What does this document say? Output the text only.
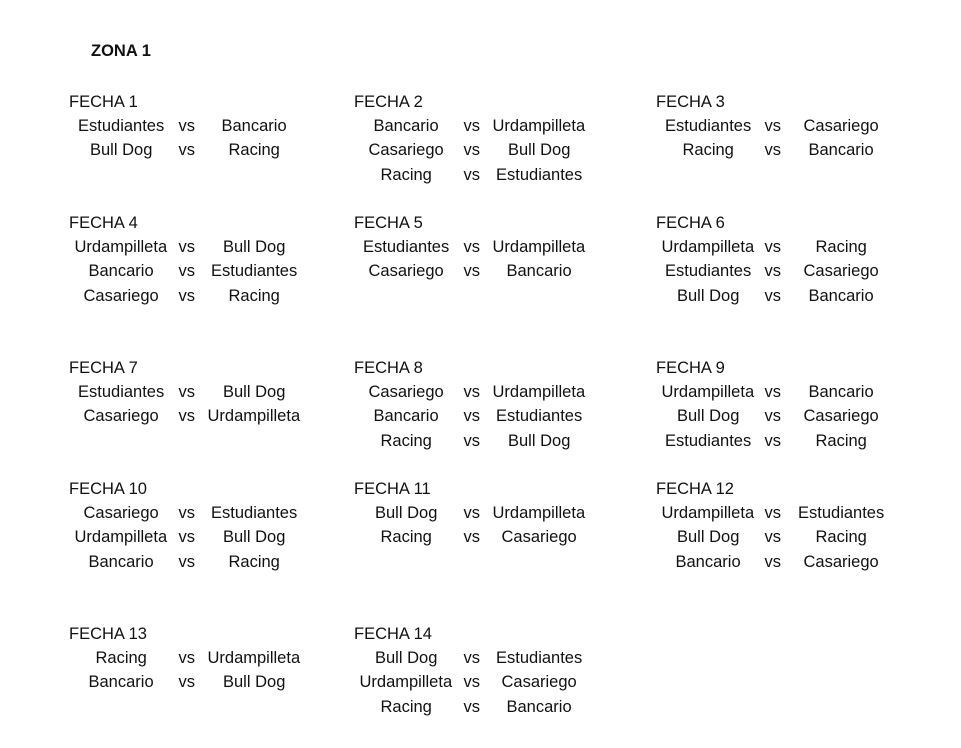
ZONA 1
FECHA 1
Estudiantes vs Bancario
Bull Dog vs Racing
FECHA 2
Bancario vs Urdampilleta
Casariego vs Bull Dog
Racing vs Estudiantes
FECHA 3
Estudiantes vs Casariego
Racing vs Bancario
FECHA 4
Urdampilleta vs Bull Dog
Bancario vs Estudiantes
Casariego vs Racing
FECHA 5
Estudiantes vs Urdampilleta
Casariego vs Bancario
FECHA 6
Urdampilleta vs Racing
Estudiantes vs Casariego
Bull Dog vs Bancario
FECHA 7
Estudiantes vs Bull Dog
Casariego vs Urdampilleta
FECHA 8
Casariego vs Urdampilleta
Bancario vs Estudiantes
Racing vs Bull Dog
FECHA 9
Urdampilleta vs Bancario
Bull Dog vs Casariego
Estudiantes vs Racing
FECHA 10
Casariego vs Estudiantes
Urdampilleta vs Bull Dog
Bancario vs Racing
FECHA 11
Bull Dog vs Urdampilleta
Racing vs Casariego
FECHA 12
Urdampilleta vs Estudiantes
Bull Dog vs Racing
Bancario vs Casariego
FECHA 13
Racing vs Urdampilleta
Bancario vs Bull Dog
FECHA 14
Bull Dog vs Estudiantes
Urdampilleta vs Casariego
Racing vs Bancario
